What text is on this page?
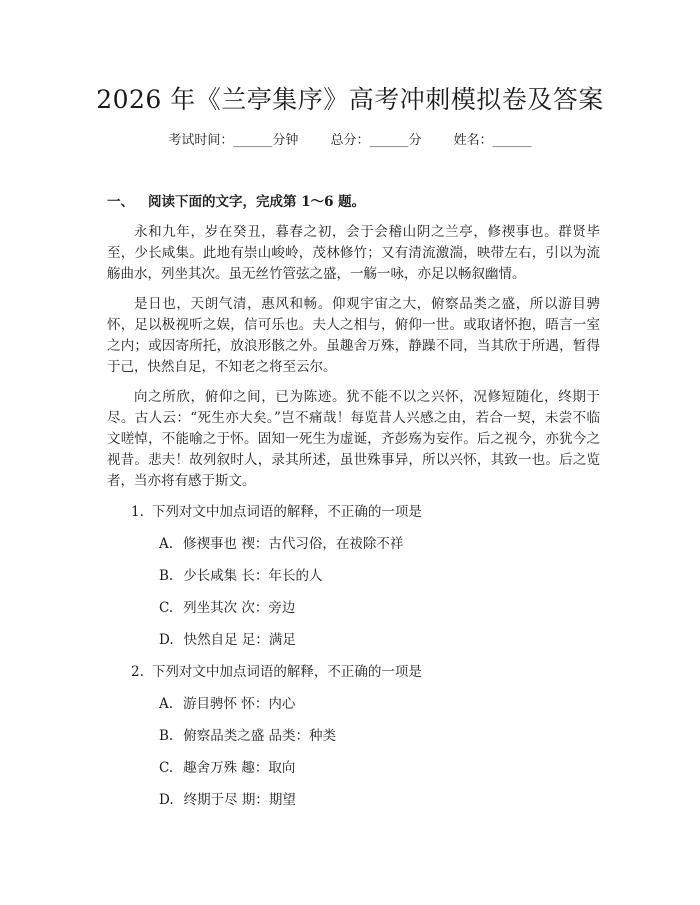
2026 年《兰亭集序》高考冲刺模拟卷及答案
考试时间：______分钟 总分：______分 姓名：______
一、 阅读下面的文字，完成第 1～6 题。

永和九年，岁在癸丑，暮春之初，会于会稽山阴之兰亭，修禊事也。群贤毕至，少长咸集。此地有崇山峻岭，茂林修竹；又有清流激湍，映带左右，引以为流觞曲水，列坐其次。虽无丝竹管弦之盛，一觞一咏，亦足以畅叙幽情。

是日也，天朗气清，惠风和畅。仰观宇宙之大，俯察品类之盛，所以游目骋怀，足以极视听之娱，信可乐也。夫人之相与，俯仰一世。或取诸怀抱，晤言一室之内；或因寄所托，放浪形骸之外。虽趣舍万殊，静躁不同，当其欣于所遇，暂得于己，快然自足，不知老之将至云尔。

向之所欣，俯仰之间，已为陈迹。犹不能不以之兴怀，况修短随化，终期于尽。古人云：“死生亦大矣。”岂不痛哉！每览昔人兴感之由，若合一契，未尝不临文嗟悼，不能喻之于怀。固知一死生为虚诞，齐彭殇为妄作。后之视今，亦犹今之视昔。悲夫！故列叙时人，录其所述，虽世殊事异，所以兴怀，其致一也。后之览者，当亦将有感于斯文。

1. 下列对文中加点词语的解释，不正确的一项是
A. 修禊事也 禊：古代习俗，在祓除不祥
B. 少长咸集 长：年长的人
C. 列坐其次 次：旁边
D. 快然自足 足：满足
2. 下列对文中加点词语的解释，不正确的一项是
A. 游目骋怀 怀：内心
B. 俯察品类之盛 品类：种类
C. 趣舍万殊 趣：取向
D. 终期于尽 期：期望
